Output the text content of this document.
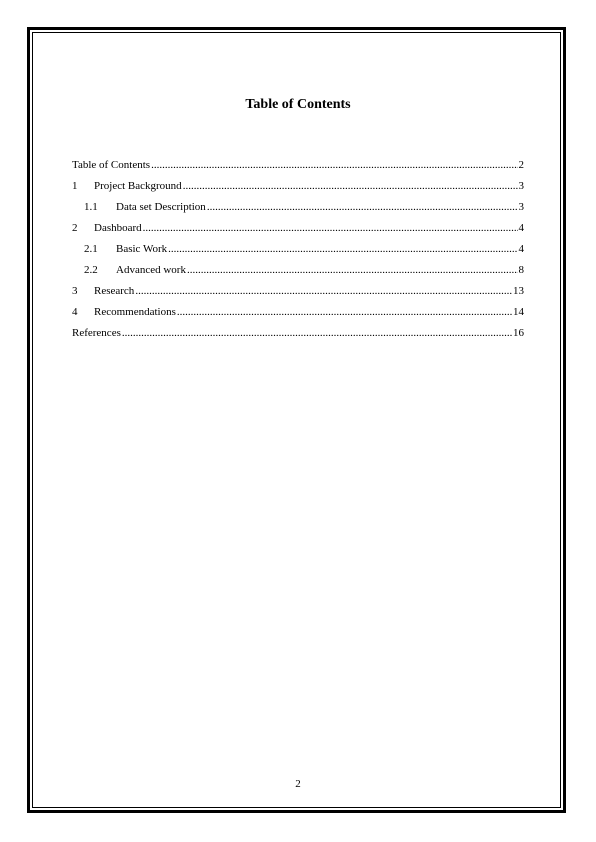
Table of Contents
Table of Contents .....	2
1	Project Background .....	3
1.1	Data set Description .....	3
2	Dashboard .....	4
2.1	Basic Work .....	4
2.2	Advanced work .....	8
3	Research .....	13
4	Recommendations .....	14
References .....	16
2
